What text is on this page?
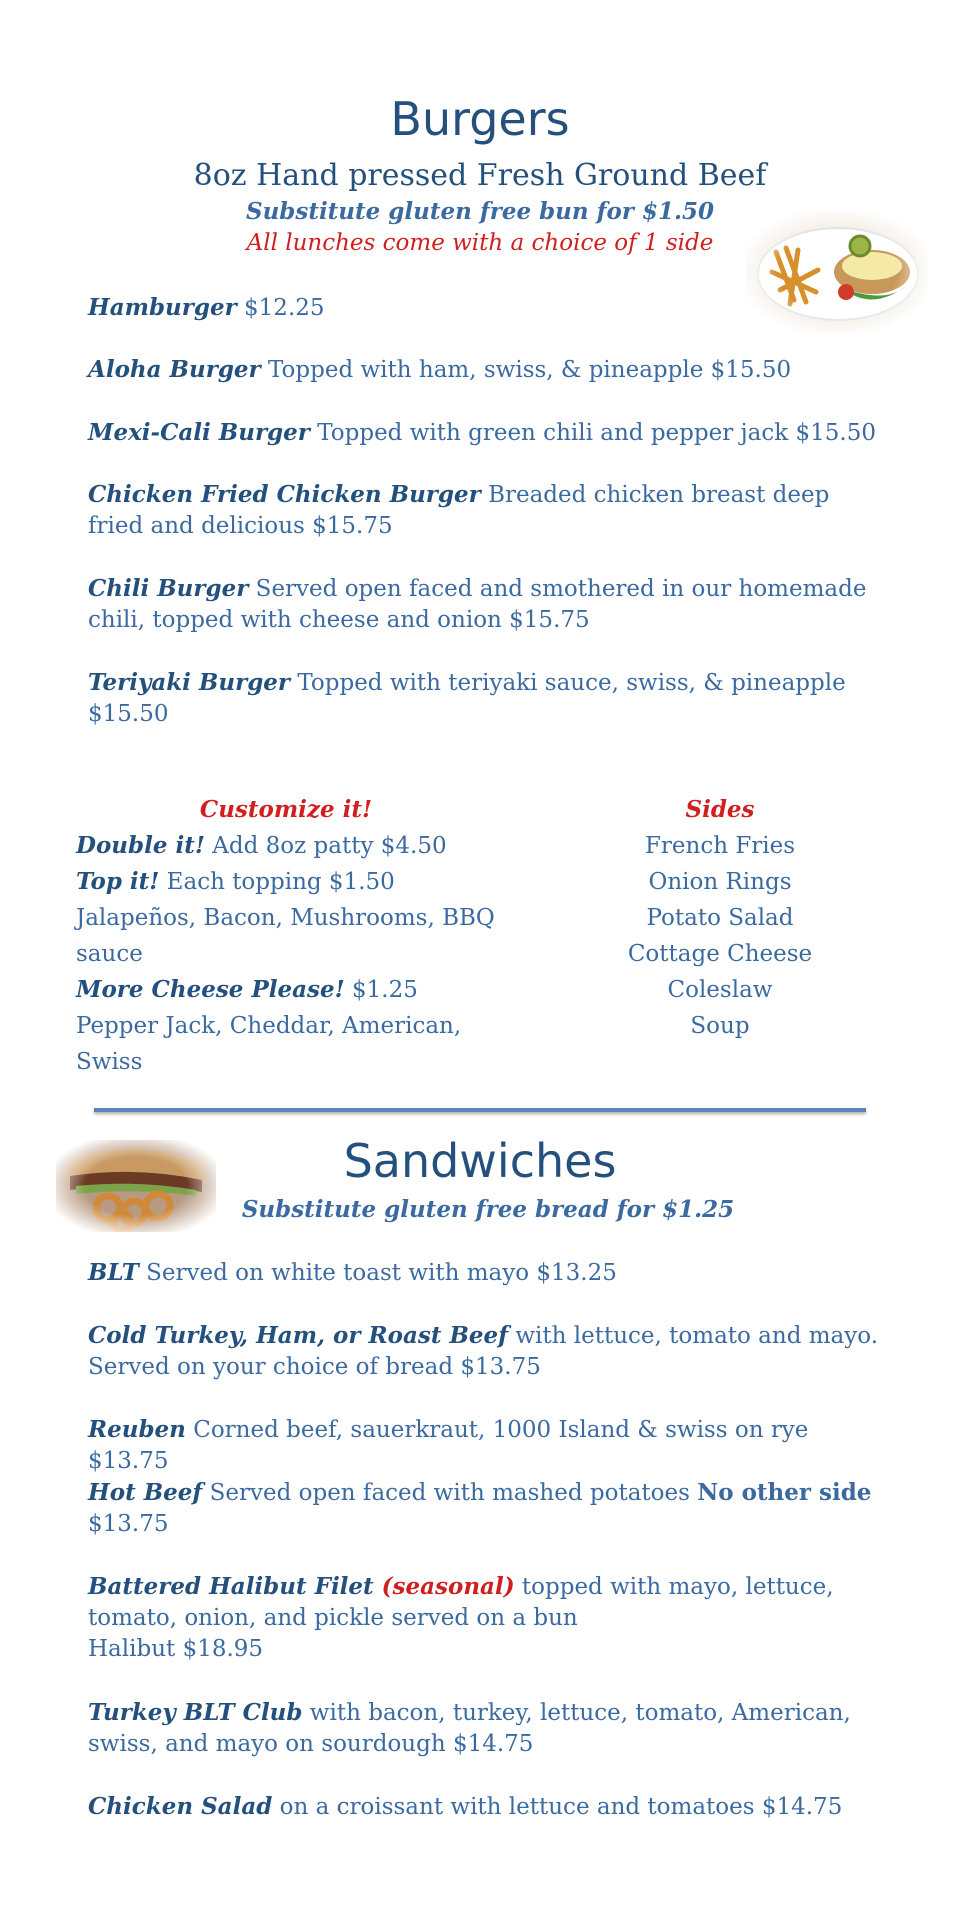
Burgers
8oz Hand pressed Fresh Ground Beef
Substitute gluten free bun for $1.50
All lunches come with a choice of 1 side
Hamburger $12.25
Aloha Burger Topped with ham, swiss, & pineapple $15.50
Mexi-Cali Burger Topped with green chili and pepper jack $15.50
Chicken Fried Chicken Burger Breaded chicken breast deep fried and delicious $15.75
Chili Burger Served open faced and smothered in our homemade chili, topped with cheese and onion $15.75
Teriyaki Burger Topped with teriyaki sauce, swiss, & pineapple $15.50
Customize it!
Double it! Add 8oz patty $4.50
Top it! Each topping $1.50
Jalapeños, Bacon, Mushrooms, BBQ sauce
More Cheese Please! $1.25
Pepper Jack, Cheddar, American, Swiss
Sides
French Fries
Onion Rings
Potato Salad
Cottage Cheese
Coleslaw
Soup
Sandwiches
Substitute gluten free bread for $1.25
BLT Served on white toast with mayo $13.25
Cold Turkey, Ham, or Roast Beef with lettuce, tomato and mayo. Served on your choice of bread $13.75
Reuben Corned beef, sauerkraut, 1000 Island & swiss on rye $13.75
Hot Beef Served open faced with mashed potatoes No other side $13.75
Battered Halibut Filet (seasonal) topped with mayo, lettuce, tomato, onion, and pickle served on a bun
Halibut $18.95
Turkey BLT Club with bacon, turkey, lettuce, tomato, American, swiss, and mayo on sourdough $14.75
Chicken Salad on a croissant with lettuce and tomatoes $14.75
